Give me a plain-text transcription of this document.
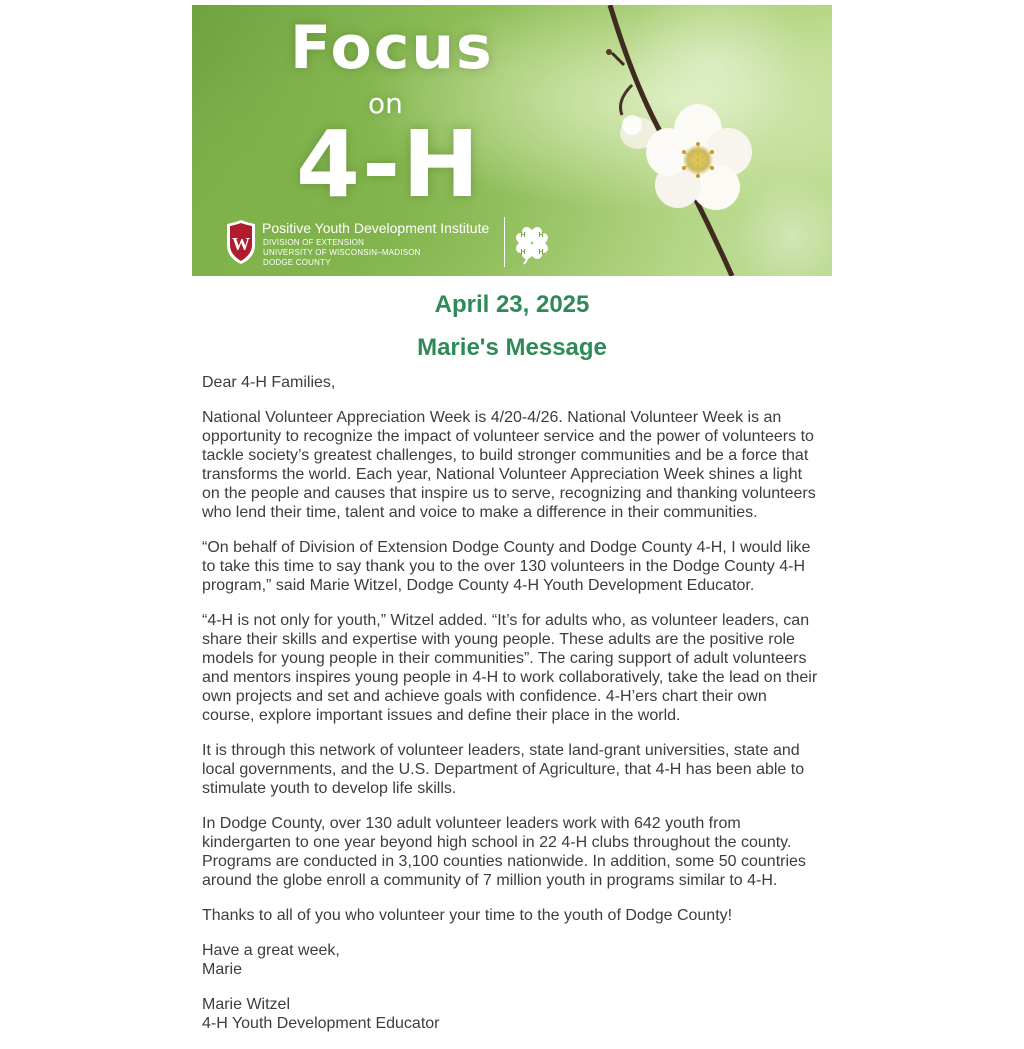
Focus
on
4-H
W
Positive Youth Development Institute
DIVISION OF EXTENSION
UNIVERSITY OF WISCONSIN–MADISON
DODGE COUNTY
H H
H H
April 23, 2025
Marie's Message

Dear 4-H Families,

National Volunteer Appreciation Week is 4/20-4/26. National Volunteer Week is an opportunity to recognize the impact of volunteer service and the power of volunteers to tackle society’s greatest challenges, to build stronger communities and be a force that transforms the world. Each year, National Volunteer Appreciation Week shines a light on the people and causes that inspire us to serve, recognizing and thanking volunteers who lend their time, talent and voice to make a difference in their communities.

“On behalf of Division of Extension Dodge County and Dodge County 4-H, I would like to take this time to say thank you to the over 130 volunteers in the Dodge County 4-H program,” said Marie Witzel, Dodge County 4-H Youth Development Educator.

“4-H is not only for youth,” Witzel added. “It’s for adults who, as volunteer leaders, can share their skills and expertise with young people. These adults are the positive role models for young people in their communities”. The caring support of adult volunteers and mentors inspires young people in 4-H to work collaboratively, take the lead on their own projects and set and achieve goals with confidence. 4-H’ers chart their own course, explore important issues and define their place in the world.

It is through this network of volunteer leaders, state land-grant universities, state and local governments, and the U.S. Department of Agriculture, that 4-H has been able to stimulate youth to develop life skills.

In Dodge County, over 130 adult volunteer leaders work with 642 youth from kindergarten to one year beyond high school in 22 4-H clubs throughout the county. Programs are conducted in 3,100 counties nationwide. In addition, some 50 countries around the globe enroll a community of 7 million youth in programs similar to 4-H.

Thanks to all of you who volunteer your time to the youth of Dodge County!

Have a great week,
Marie

Marie Witzel
4-H Youth Development Educator
